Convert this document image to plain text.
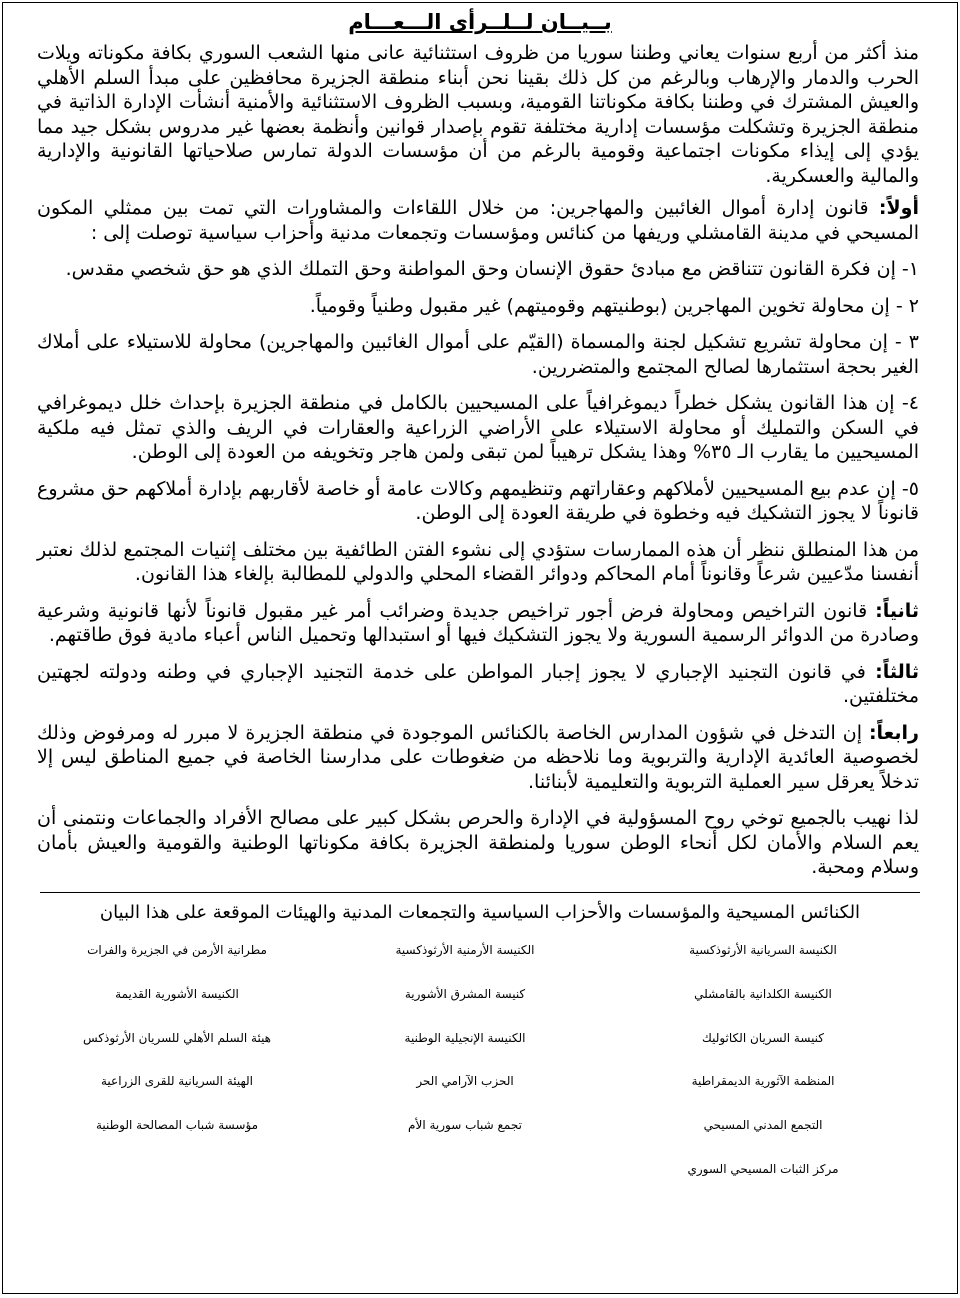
بــيــان لــلــرأى الـــعـــام

منذ أكثر من أربع سنوات يعاني وطننا سوريا من ظروف استثنائية عانى منها الشعب السوري بكافة مكوناته ويلات الحرب والدمار والإرهاب وبالرغم من كل ذلك بقينا نحن أبناء منطقة الجزيرة محافظين على مبدأ السلم الأهلي والعيش المشترك في وطننا بكافة مكوناتنا القومية، وبسبب الظروف الاستثنائية والأمنية أنشأت الإدارة الذاتية في منطقة الجزيرة وتشكلت مؤسسات إدارية مختلفة تقوم بإصدار قوانين وأنظمة بعضها غير مدروس بشكل جيد مما يؤدي إلى إيذاء مكونات اجتماعية وقومية بالرغم من أن مؤسسات الدولة تمارس صلاحياتها القانونية والإدارية والمالية والعسكرية.

أولاً: قانون إدارة أموال الغائبين والمهاجرين: من خلال اللقاءات والمشاورات التي تمت بين ممثلي المكون المسيحي في مدينة القامشلي وريفها من كنائس ومؤسسات وتجمعات مدنية وأحزاب سياسية توصلت إلى :

١- إن فكرة القانون تتناقض مع مبادئ حقوق الإنسان وحق المواطنة وحق التملك الذي هو حق شخصي مقدس.

٢ - إن محاولة تخوين المهاجرين (بوطنيتهم وقوميتهم) غير مقبول وطنياً وقومياً.

٣ - إن محاولة تشريع تشكيل لجنة والمسماة (القيّم على أموال الغائبين والمهاجرين) محاولة للاستيلاء على أملاك الغير بحجة استثمارها لصالح المجتمع والمتضررين.

٤- إن هذا القانون يشكل خطراً ديموغرافياً على المسيحيين بالكامل في منطقة الجزيرة بإحداث خلل ديموغرافي في السكن والتمليك أو محاولة الاستيلاء على الأراضي الزراعية والعقارات في الريف والذي تمثل فيه ملكية المسيحيين ما يقارب الـ ٣٥% وهذا يشكل ترهيباً لمن تبقى ولمن هاجر وتخويفه من العودة إلى الوطن.

٥- إن عدم بيع المسيحيين لأملاكهم وعقاراتهم وتنظيمهم وكالات عامة أو خاصة لأقاربهم بإدارة أملاكهم حق مشروع قانوناً لا يجوز التشكيك فيه وخطوة في طريقة العودة إلى الوطن.

من هذا المنطلق ننظر أن هذه الممارسات ستؤدي إلى نشوء الفتن الطائفية بين مختلف إثنيات المجتمع لذلك نعتبر أنفسنا مدّعيين شرعاً وقانوناً أمام المحاكم ودوائر القضاء المحلي والدولي للمطالبة بإلغاء هذا القانون.

ثانياً: قانون التراخيص ومحاولة فرض أجور تراخيص جديدة وضرائب أمر غير مقبول قانوناً لأنها قانونية وشرعية وصادرة من الدوائر الرسمية السورية ولا يجوز التشكيك فيها أو استبدالها وتحميل الناس أعباء مادية فوق طاقتهم.

ثالثاً: في قانون التجنيد الإجباري لا يجوز إجبار المواطن على خدمة التجنيد الإجباري في وطنه ودولته لجهتين مختلفتين.

رابعاً: إن التدخل في شؤون المدارس الخاصة بالكنائس الموجودة في منطقة الجزيرة لا مبرر له ومرفوض وذلك لخصوصية العائدية الإدارية والتربوية وما نلاحظه من ضغوطات على مدارسنا الخاصة في جميع المناطق ليس إلا تدخلاً يعرقل سير العملية التربوية والتعليمية لأبنائنا.

لذا نهيب بالجميع توخي روح المسؤولية في الإدارة والحرص بشكل كبير على مصالح الأفراد والجماعات ونتمنى أن يعم السلام والأمان لكل أنحاء الوطن سوريا ولمنطقة الجزيرة بكافة مكوناتها الوطنية والقومية والعيش بأمان وسلام ومحبة.

الكنائس المسيحية والمؤسسات والأحزاب السياسية والتجمعات المدنية والهيئات الموقعة على هذا البيان
الكنيسة السريانية الأرثوذكسية
الكنيسة الأرمنية الأرثوذكسية
مطرانية الأرمن في الجزيرة والفرات
الكنيسة الكلدانية بالقامشلي
كنيسة المشرق الأشورية
الكنيسة الأشورية القديمة
كنيسة السريان الكاثوليك
الكنيسة الإنجيلية الوطنية
هيئة السلم الأهلي للسريان الأرثوذكس
المنظمة الآثورية الديمقراطية
الحزب الآرامي الحر
الهيئة السريانية للقرى الزراعية
التجمع المدني المسيحي
تجمع شباب سورية الأم
مؤسسة شباب المصالحة الوطنية
مركز الثبات المسيحي السوري
